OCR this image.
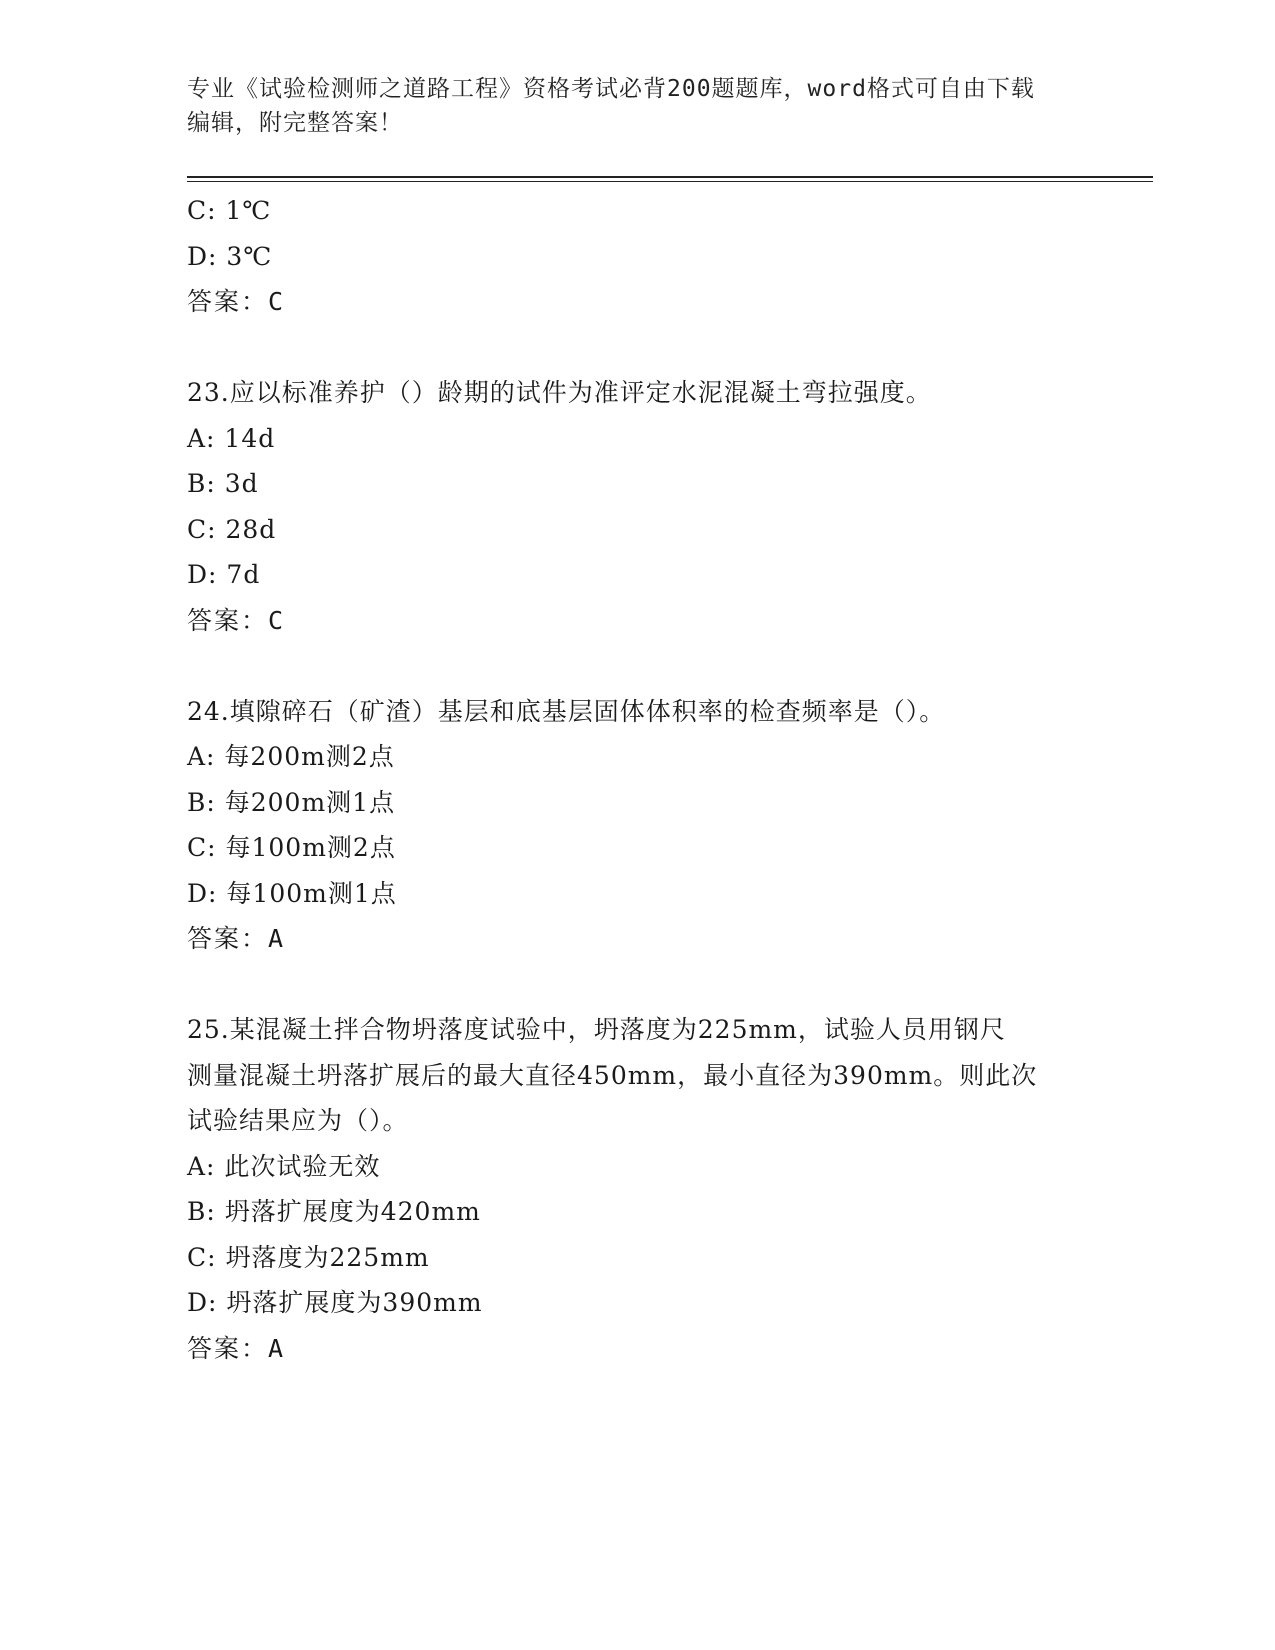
专业《试验检测师之道路工程》资格考试必背200题题库，word格式可自由下载
编辑，附完整答案！
C: 1℃
D: 3℃
答案：C
23.应以标准养护（）龄期的试件为准评定水泥混凝土弯拉强度。
A: 14d
B: 3d
C: 28d
D: 7d
答案：C
24.填隙碎石（矿渣）基层和底基层固体体积率的检查频率是（）。
A: 每200m测2点
B: 每200m测1点
C: 每100m测2点
D: 每100m测1点
答案：A
25.某混凝土拌合物坍落度试验中，坍落度为225mm，试验人员用钢尺
测量混凝土坍落扩展后的最大直径450mm，最小直径为390mm。则此次
试验结果应为（）。
A: 此次试验无效
B: 坍落扩展度为420mm
C: 坍落度为225mm
D: 坍落扩展度为390mm
答案：A
